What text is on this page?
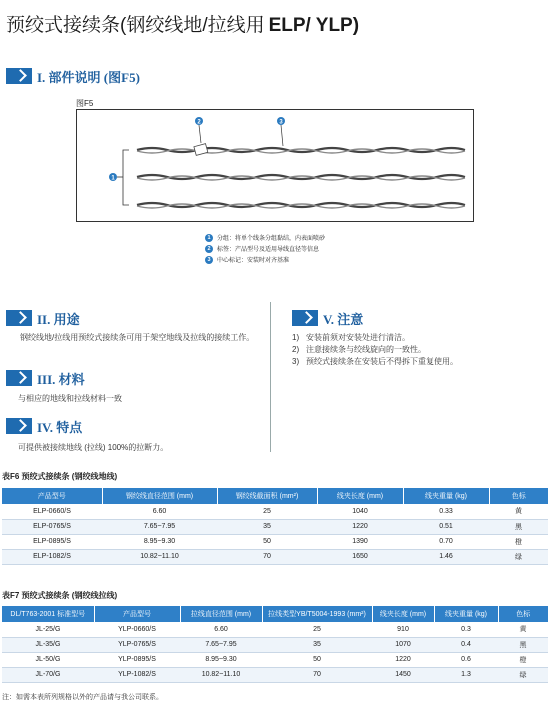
预绞式接续条(钢绞线地/拉线用 ELP/ YLP)
I. 部件说明 (图F5)
图F5
1
2	3
1	分组：将单个线条分组黏结，内表面喷砂
2	标签：产品型号及适用导线直径等信息
3	中心标记：安装时对齐基准
II. 用途
钢绞线地/拉线用预绞式接续条可用于架空地线及拉线的接续工作。
III. 材料
与相应的地线和拉线材料一致
IV. 特点
可提供被接续地线 (拉线) 100%的拉断力。
V. 注意
1) 安装前须对安装处进行清洁。
2) 注意接续条与绞线旋向的一致性。
3) 预绞式接续条在安装后不得拆下重复使用。
表F6 预绞式接续条 (钢绞线地线)
产品型号	钢绞线直径范围 (mm)	钢绞线截面积 (mm²)	线夹长度 (mm)	线夹重量 (kg)	色标
ELP-0660/S	6.60	25	1040	0.33	黄
ELP-0765/S	7.65~7.95	35	1220	0.51	黑
ELP-0895/S	8.95~9.30	50	1390	0.70	橙
ELP-1082/S	10.82~11.10	70	1650	1.46	绿
表F7 预绞式接续条 (钢绞线拉线)
DL/T763-2001 标准型号	产品型号	拉线直径范围 (mm)	拉线类型YB/T5004-1993 (mm²)	线夹长度 (mm)	线夹重量 (kg)	色标
JL-25/G	YLP-0660/S	6.60	25	910	0.3	黄
JL-35/G	YLP-0765/S	7.65~7.95	35	1070	0.4	黑
JL-50/G	YLP-0895/S	8.95~9.30	50	1220	0.6	橙
JL-70/G	YLP-1082/S	10.82~11.10	70	1450	1.3	绿
注：如需本表所列规格以外的产品请与我公司联系。
